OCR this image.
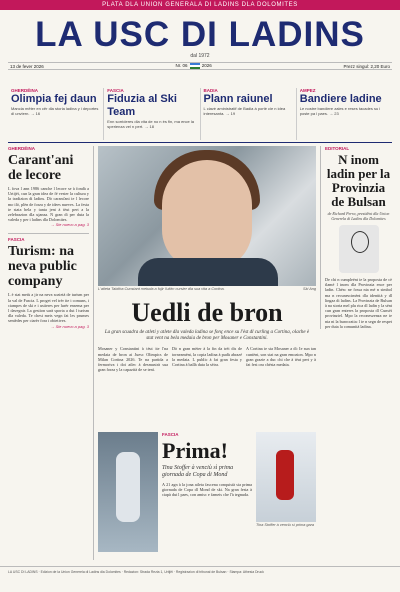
PLATA DLA UNION GENERALA DI LADINS DLA DOLOMITES
LA USC DI LADINS
dal 1972
13 de fever 2026	Nr. 06	2026	Prezz singul: 2,20 Euro
GHERDËINA
Olimpia fej daun
Mancia mëter en cër dla storia ladina y i deportes dl unviern. → 16
FASCIA
Fiduzia al Ski Team
Enn sorrideres dla vita de no n ès fin, ma ence la sperienza vel n pert. → 18
BADIA
Plann raiunel
L ciavè aministratif de Badia à portè cie n idea interesanta. → 19
AMPEZ
Bandiere ladine
Le nostre bandiere zales e reses tacades su i poste pa l paes. → 23
GHERDËINA
Carant'ani de lecore
L fova l ann 1986 canche l lecore se à fondà a Urtijëi, cun la gran idea de fé vester la cultura y la tradizion di ladins. Dò carant'ani ie l lecore mo iló, plën de forza y de idees nueves. La festa ie stata bela y tanta jent à tëut pert a la zelebrazion dla ujanza. N gran dì per duta la valeda y per i ladins dla Dolomites.
→ Sie nuevo a pag. 3
FASCIA
Turism: na neva public company
L è stat metù a jir na neva sozietà de turism per la val de Fascia. L proget vel trèr ite i comuns, i ciampes de ski e i ustieres per lurèr ensema per l davegnir. La gestion sarà sporta a dut l turism dla valeda. Te chest meis vegn fat les prumes sentèdes per ciarèr fora i obietives.
→ Sie nuevo a pag. 3
L'atleta Tabitha Cunstant metuda a fujir l'ultim cursier dla sua vita a Cortina.	Ski Ang
Uedli de bron
La gran scuadra de atleti y atlete dla valeda ladina se fonç ence su l'èst dl curling a Cortina, olache è stat vent na bela medaia de bron per Mosaner e Constantini.
Mosaner y Constantini à tëut ite l'na medaia de bron ai Juesc Olimpics de Milan Cortina 2026. Te na partida a fermoriva i doi atlec à desmustrà sua gran forza y la capazità de se tenì.
Dò n gran mëter à la fin da trëi dis de torneamënt, la copia ladina à pudù abrazé la medaia. L public à fat gran festa y Cortina à ballà duta la sëira.
A Cortina ie sta Mosaner a dì: Ie sun tan cuntënt, son stat na gran emozion. Mpo n gran grazie a duc chi che à tëut pert y à fat fest ora chësta medaia.
EDITORIAL
N inom ladin per la Provinzia de Bulsan
de Richard Perra, presidënt dla Union Generela di Ladins dla Dolomites
De chi n cumpleënt ie la proposta de cë tlamé l inom dla Provinzia ence per ladin. Chësc ne fossa nia mé n simbol ma n recunescimënt dla identità y dl lingaz di ladins. La Provinzia de Bulsan à na storia mel plu rica dl ladin y la sënt cun gran enteres la proposta dl Cunsëi provinziel. Mpo la reconeszenza ne ie nia ni la burocratia: l ie n segn de respet per duta la comunità ladina.
FASCIA
Prima!
Tina Stoffer à venciù sì prima giornada de Copa di Mond
A 21 agn à la jona atleta fascena conquistà sia prima giornada de Copa dl Mond de ski. Na gran festa à ciapà dut l paes, con amisc e fameis che l'à tegnuda.
Tina Stoffer à venciù sì prima gara
LA USC DI LADINS · Edizion de la Union Generela di Ladins dla Dolomites · Redazion: Strada Rezia 1, Urtijëi · Registrazion dl tribunal de Bulsan · Stampa: Athesia Druck
